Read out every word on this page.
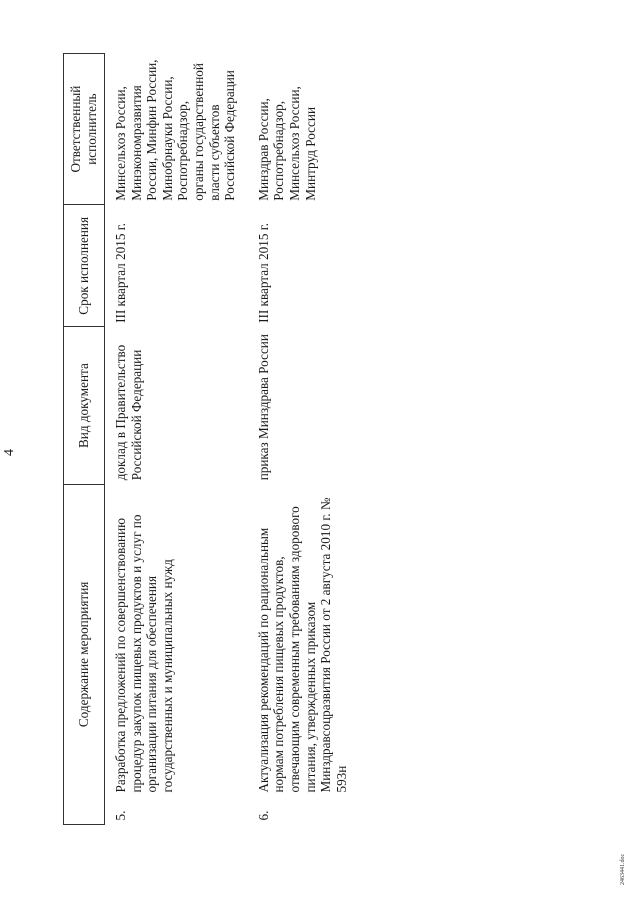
4
Содержание мероприятия	Вид документа	Срок исполнения	Ответственный исполнитель
5.Разработка предложений по совершенствованию процедур закупок пищевых продуктов и услуг по организации питания для обеспечения государственных и муниципальных нужд	доклад в Правительство Российской Федерации	III квартал 2015 г.	Минсельхоз России, Минэкономразвития России, Минфин России, Минобрнауки России, Роспотребнадзор, органы государственной власти субъектов Российской Федерации
6.Актуализация рекомендаций по рациональным нормам потребления пищевых продуктов, отвечающим современным требованиям здорового питания, утвержденных приказом Минздравсоцразвития России от 2 августа 2010 г. № 593н	приказ Минздрава России	III квартал 2015 г.	Минздрав России, Роспотребнадзор, Минсельхоз России, Минтруд России
2463441.doc
